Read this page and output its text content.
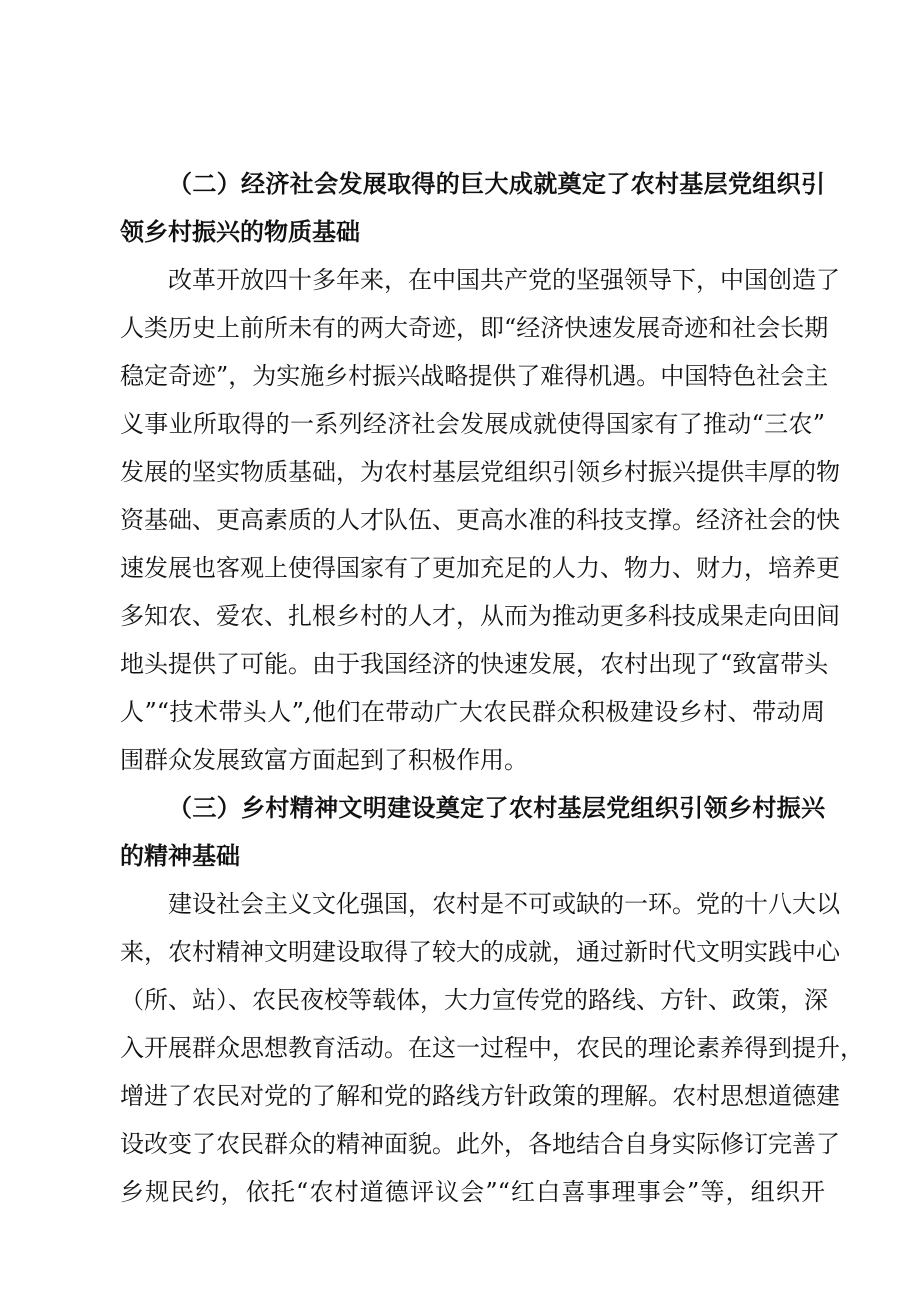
（二）经济社会发展取得的巨大成就奠定了农村基层党组织引
领乡村振兴的物质基础
改革开放四十多年来，在中国共产党的坚强领导下，中国创造了
人类历史上前所未有的两大奇迹，即“经济快速发展奇迹和社会长期
稳定奇迹”，为实施乡村振兴战略提供了难得机遇。中国特色社会主
义事业所取得的一系列经济社会发展成就使得国家有了推动“三农”
发展的坚实物质基础，为农村基层党组织引领乡村振兴提供丰厚的物
资基础、更高素质的人才队伍、更高水准的科技支撑。经济社会的快
速发展也客观上使得国家有了更加充足的人力、物力、财力，培养更
多知农、爱农、扎根乡村的人才，从而为推动更多科技成果走向田间
地头提供了可能。由于我国经济的快速发展，农村出现了“致富带头
人”“技术带头人”,他们在带动广大农民群众积极建设乡村、带动周
围群众发展致富方面起到了积极作用。
（三）乡村精神文明建设奠定了农村基层党组织引领乡村振兴
的精神基础
建设社会主义文化强国，农村是不可或缺的一环。党的十八大以
来，农村精神文明建设取得了较大的成就，通过新时代文明实践中心
（所、站）、农民夜校等载体，大力宣传党的路线、方针、政策，深
入开展群众思想教育活动。在这一过程中，农民的理论素养得到提升，
增进了农民对党的了解和党的路线方针政策的理解。农村思想道德建
设改变了农民群众的精神面貌。此外，各地结合自身实际修订完善了
乡规民约，依托“农村道德评议会”“红白喜事理事会”等，组织开
